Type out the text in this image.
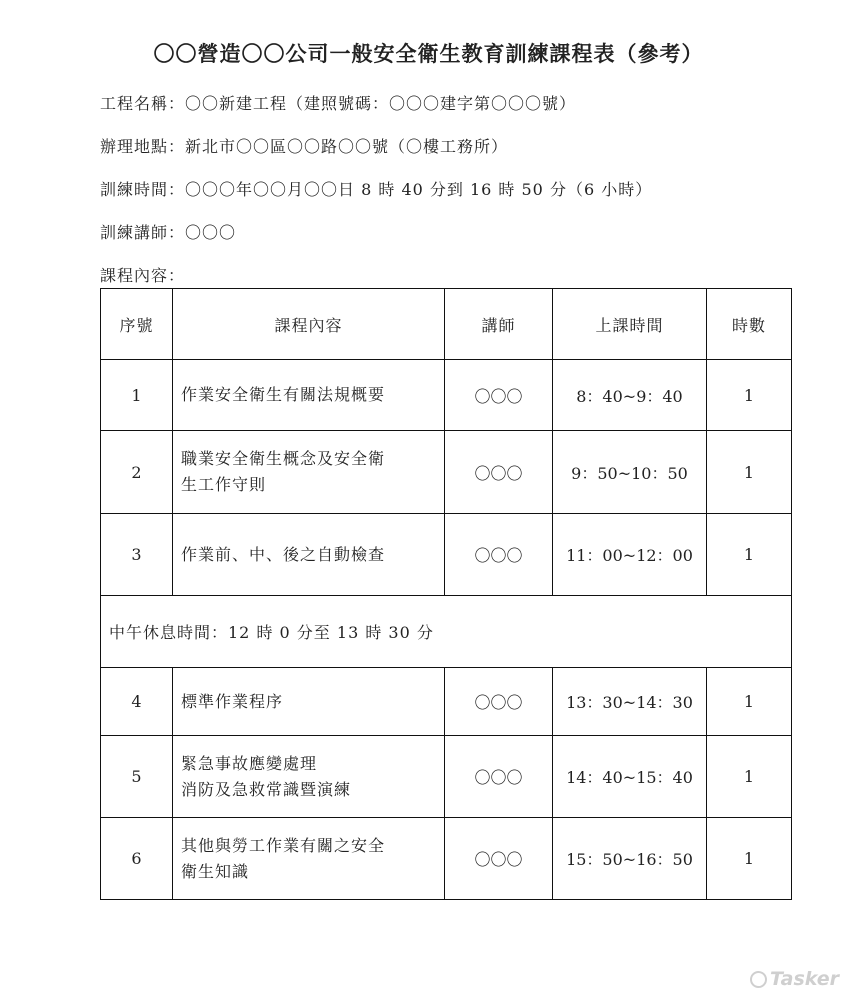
〇〇營造〇〇公司一般安全衛生教育訓練課程表（參考）
工程名稱：〇〇新建工程（建照號碼：〇〇〇建字第〇〇〇號）
辦理地點：新北市〇〇區〇〇路〇〇號（〇樓工務所）
訓練時間：〇〇〇年〇〇月〇〇日 8 時 40 分到 16 時 50 分（6 小時）
訓練講師：〇〇〇
課程內容：
序號	課程內容	講師	上課時間	時數
1	作業安全衛生有關法規概要	〇〇〇	8：40~9：40	1
2	職業安全衛生概念及安全衛
生工作守則	〇〇〇	9：50~10：50	1
3	作業前、中、後之自動檢查	〇〇〇	11：00~12：00	1
中午休息時間：12 時 0 分至 13 時 30 分				
4	標準作業程序	〇〇〇	13：30~14：30	1
5	緊急事故應變處理
消防及急救常識暨演練	〇〇〇	14：40~15：40	1
6	其他與勞工作業有關之安全
衛生知識	〇〇〇	15：50~16：50	1
Tasker
